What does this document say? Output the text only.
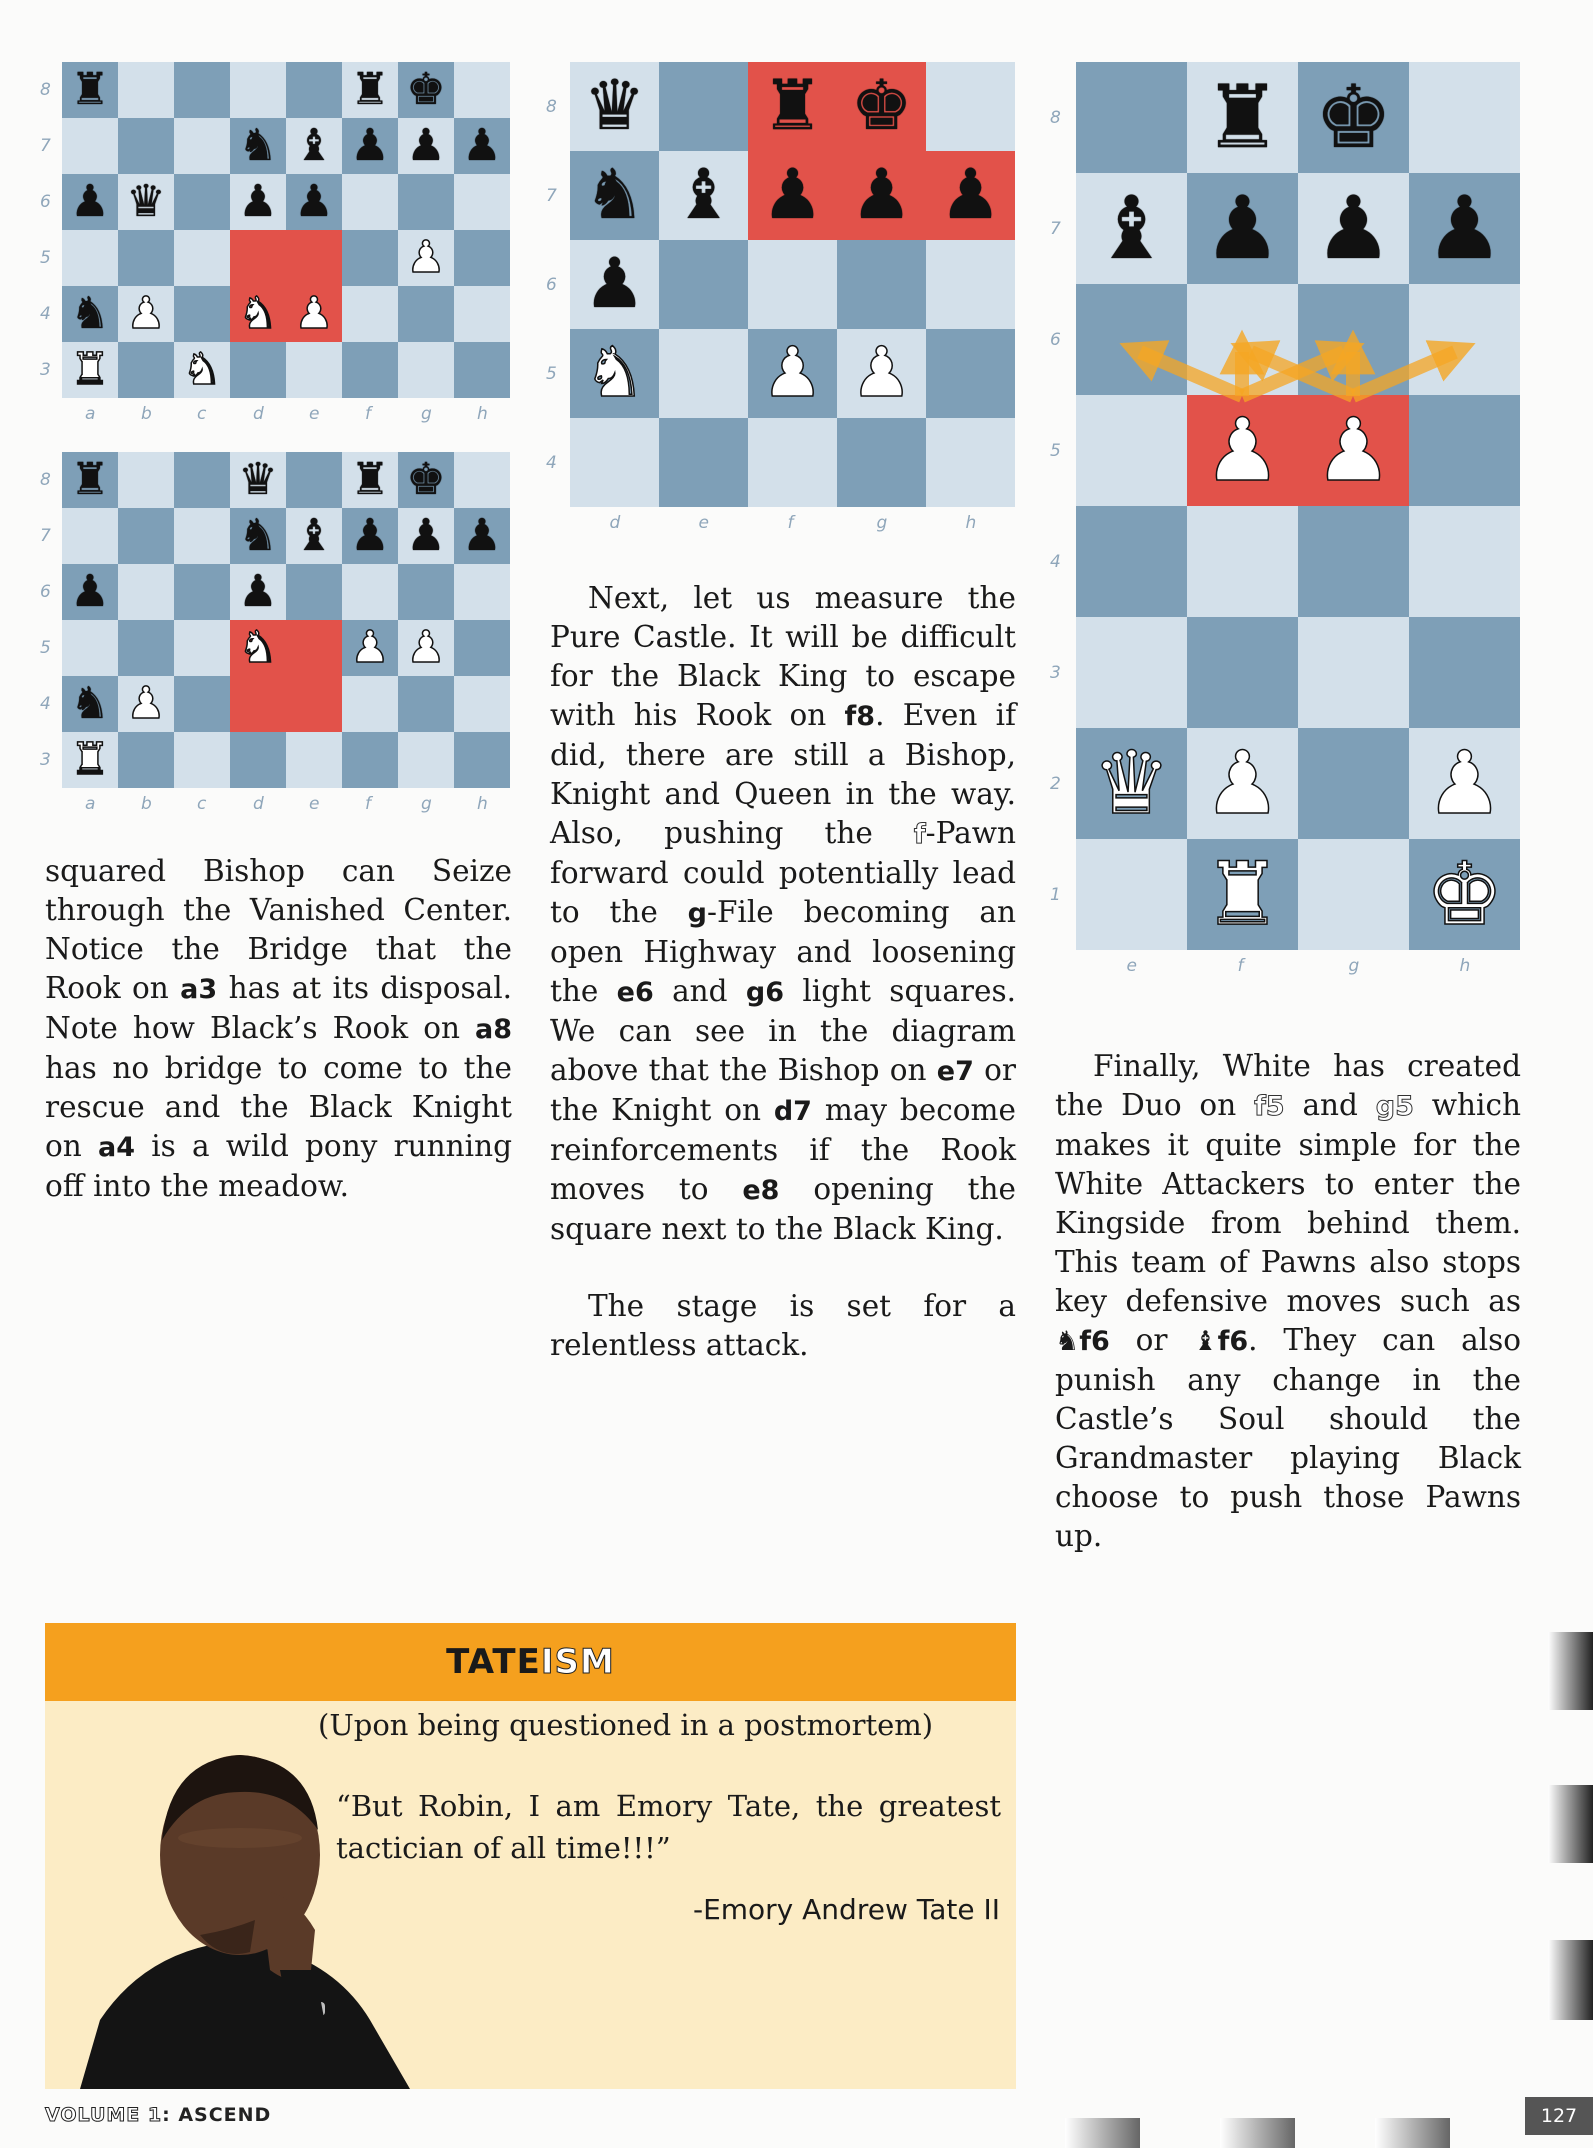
♜	♜ ♚
♞ ♝ ♟ ♟ ♟
♟ ♛ ♟ ♟
♟
♞ ♟ ♞ ♟
♜ ♞
8
7
6
5
4
3
a	b	c	d	e	f	g	h
♜	♛ ♜ ♚
♞ ♝ ♟ ♟ ♟
♟	♟
♞ ♟ ♟
♞ ♟
♜
8
7
6
5
4
3
a	b	c	d	e	f	g	h
♛ ♜ ♚
♞ ♝ ♟ ♟ ♟
♟
♞ ♟ ♟
8
7
6
5
4
d	e	f	g	h
♜ ♚
♝ ♟ ♟ ♟
♟ ♟
♛ ♟ ♟
♜ ♚
8
7
6
5
4
3
2
1
e	f	g	h

squared Bishop can Seize through the Vanished Center. Notice the Bridge that the Rook on a3 has at its disposal. Note how Black’s Rook on a8 has no bridge to come to the rescue and the Black Knight on a4 is a wild pony running off into the meadow.

Next, let us measure the Pure Castle. It will be difficult for the Black King to escape with his Rook on f8. Even if did, there are still a Bishop, Knight and Queen in the way. Also, pushing the f-Pawn forward could potentially lead to the g-File becoming an open Highway and loosening the e6 and g6 light squares. We can see in the diagram above that the Bishop on e7 or the Knight on d7 may become reinforcements if the Rook moves to e8 opening the square next to the Black King.

The stage is set for a relentless attack.

Finally, White has created the Duo on f5 and g5 which makes it quite simple for the White Attackers to enter the Kingside from behind them. This team of Pawns also stops key defensive moves such as ♞f6 or ♝f6. They can also punish any change in the Castle’s Soul should the Grandmaster playing Black choose to push those Pawns up.

TATEISM
(Upon being questioned in a postmortem)
“But Robin, I am Emory Tate, the greatest tactician of all time!!!”
-Emory Andrew Tate II
VOLUME 1: ASCEND	127
